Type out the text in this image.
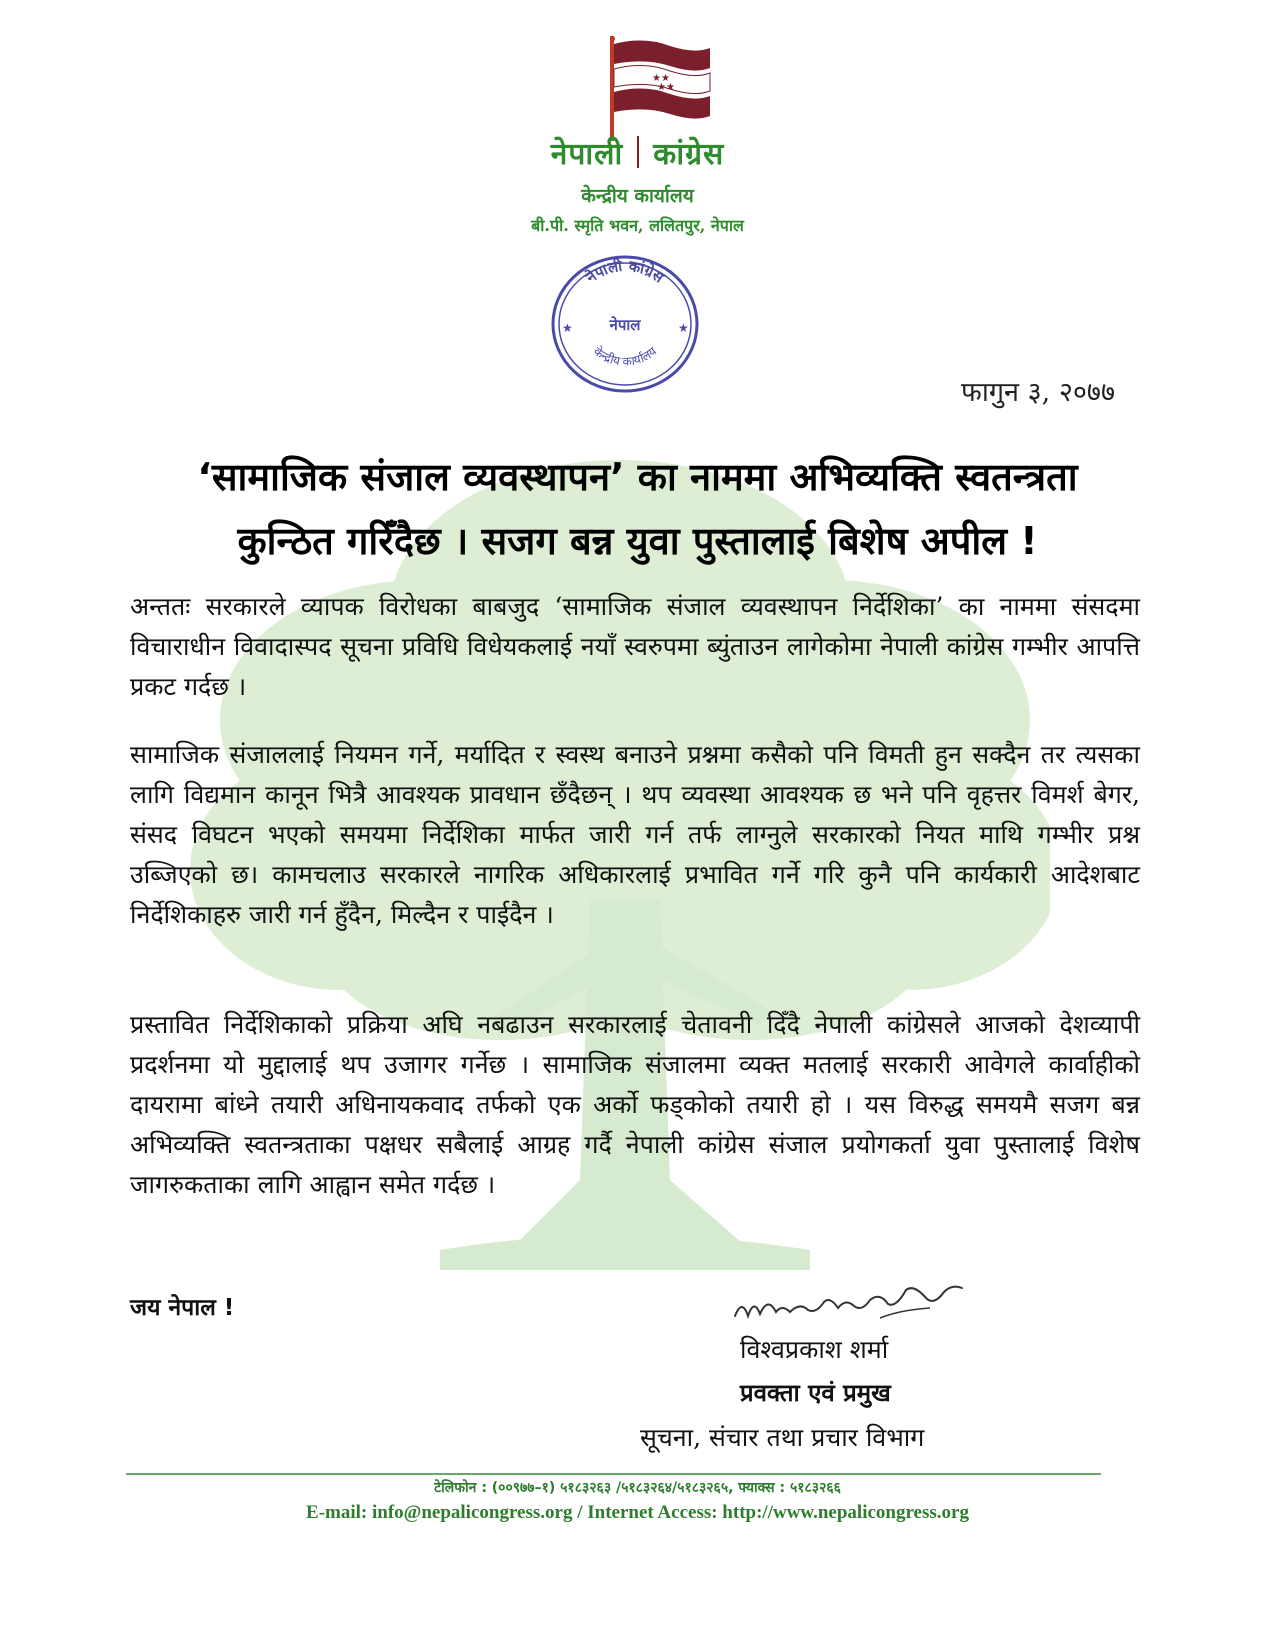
★★
★★
नेपाली कांग्रेस
केन्द्रीय कार्यालय
बी.पी. स्मृति भवन, ललितपुर, नेपाल
नेपाली कांग्रेस
नेपाल
केन्द्रीय कार्यालय
★	★
फागुन ३, २०७७
‘सामाजिक संजाल व्यवस्थापन’ का नाममा अभिव्यक्ति स्वतन्त्रता
कुन्ठित गरिँदैछ । सजग बन्न युवा पुस्तालाई बिशेष अपील !
अन्ततः सरकारले व्यापक विरोधका बाबजुद ‘सामाजिक संजाल व्यवस्थापन निर्देशिका’ का नाममा संसदमा विचाराधीन विवादास्पद सूचना प्रविधि विधेयकलाई नयाँ स्वरुपमा ब्युंताउन लागेकोमा नेपाली कांग्रेस गम्भीर आपत्ति प्रकट गर्दछ ।
सामाजिक संजाललाई नियमन गर्ने, मर्यादित र स्वस्थ बनाउने प्रश्नमा कसैको पनि विमती हुन सक्दैन तर त्यसका लागि विद्यमान कानून भित्रै आवश्यक प्रावधान छँदैछन् । थप व्यवस्था आवश्यक छ भने पनि वृहत्तर विमर्श बेगर, संसद विघटन भएको समयमा निर्देशिका मार्फत जारी गर्न तर्फ लाग्नुले सरकारको नियत माथि गम्भीर प्रश्न उब्जिएको छ। कामचलाउ सरकारले नागरिक अधिकारलाई प्रभावित गर्ने गरि कुनै पनि कार्यकारी आदेशबाट निर्देशिकाहरु जारी गर्न हुँदैन, मिल्दैन र पाईदैन ।
प्रस्तावित निर्देशिकाको प्रक्रिया अघि नबढाउन सरकारलाई चेतावनी दिँदै नेपाली कांग्रेसले आजको देशव्यापी प्रदर्शनमा यो मुद्दालाई थप उजागर गर्नेछ । सामाजिक संजालमा व्यक्त मतलाई सरकारी आवेगले कार्वाहीको दायरामा बांध्ने तयारी अधिनायकवाद तर्फको एक अर्को फड्कोको तयारी हो । यस विरुद्ध समयमै सजग बन्न अभिव्यक्ति स्वतन्त्रताका पक्षधर सबैलाई आग्रह गर्दै नेपाली कांग्रेस संजाल प्रयोगकर्ता युवा पुस्तालाई विशेष जागरुकताका लागि आह्वान समेत गर्दछ ।
जय नेपाल !
विश्वप्रकाश शर्मा
प्रवक्ता एवं प्रमुख
सूचना, संचार तथा प्रचार विभाग
टेलिफोन : (००९७७–१) ५१८३२६३ /५१८३२६४/५१८३२६५, फ्याक्स : ५१८३२६६
E-mail: info@nepalicongress.org / Internet Access: http://www.nepalicongress.org
